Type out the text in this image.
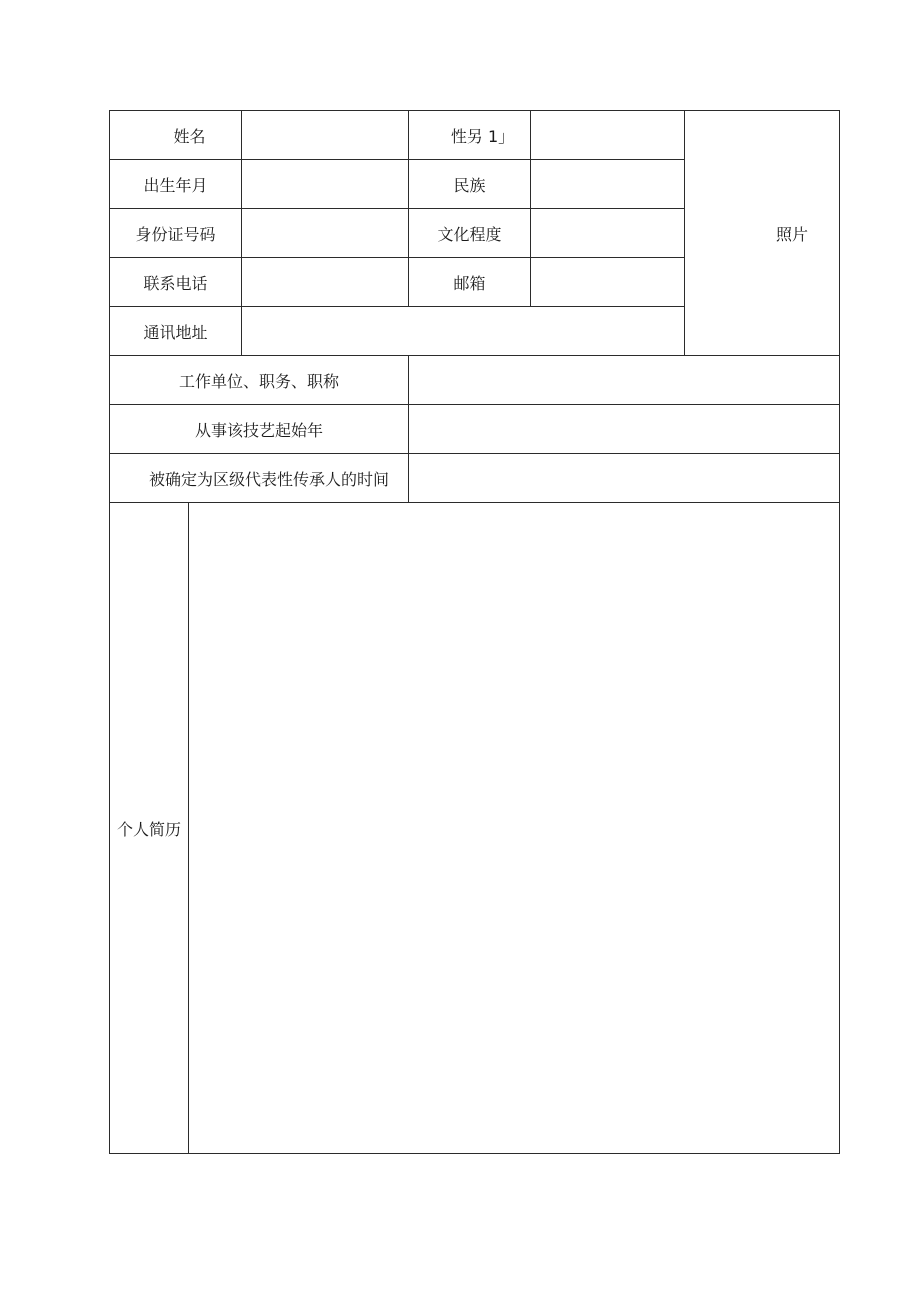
姓名			性另 1」		照片
出生年月			民族		
身份证号码			文化程度		
联系电话			邮箱		
通讯地址					
工作单位、职务、职称					
从事该技艺起始年					
被确定为区级代表性传承人的时间					
个人简历					
